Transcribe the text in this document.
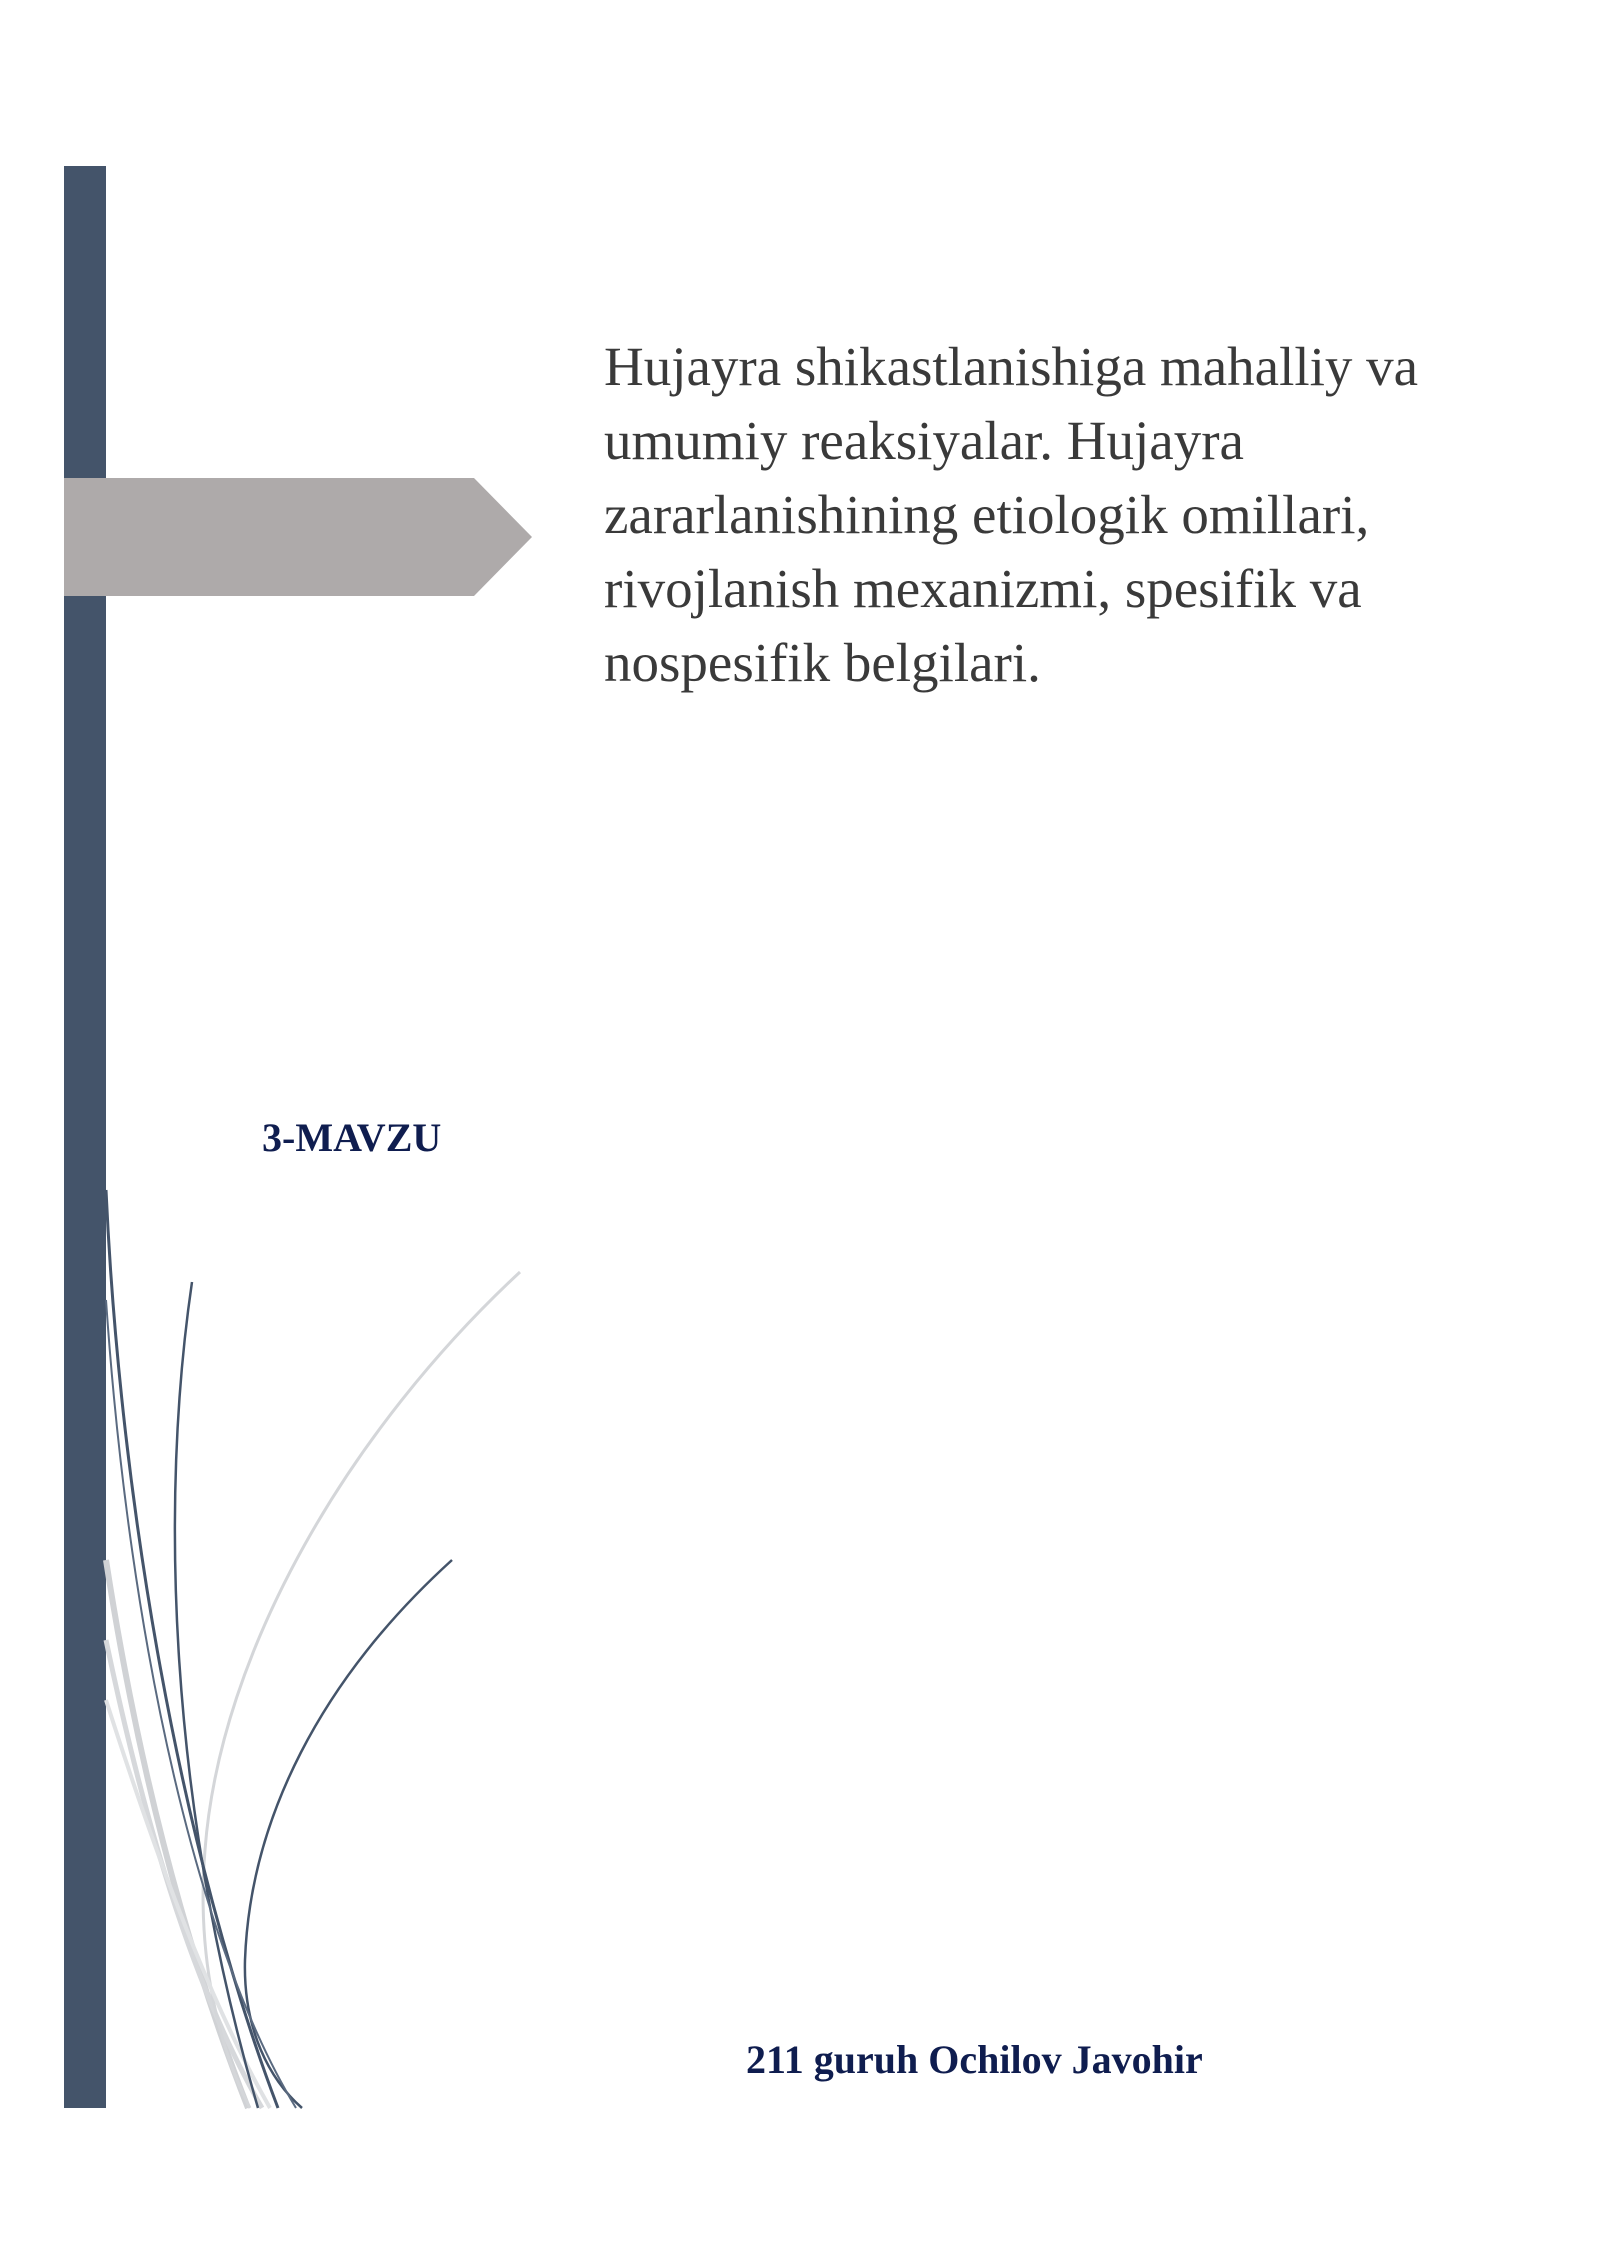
Hujayra shikastlanishiga mahalliy va umumiy reaksiyalar. Hujayra zararlanishining etiologik omillari, rivojlanish mexanizmi, spesifik va nospesifik belgilari.

3-MAVZU

211 guruh Ochilov Javohir
